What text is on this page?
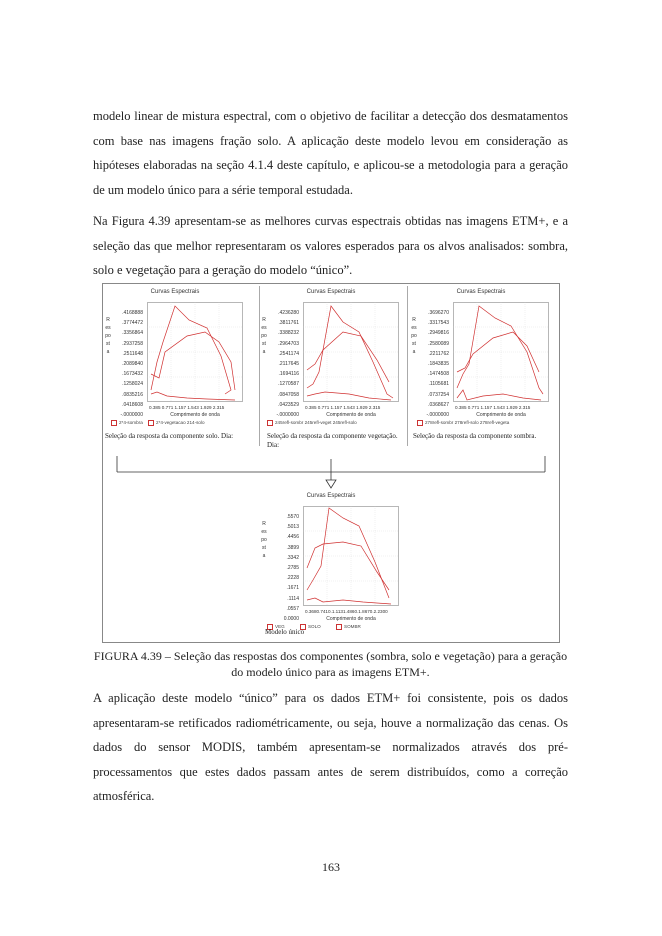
modelo linear de mistura espectral, com o objetivo de facilitar a detecção dos desmatamentos com base nas imagens fração solo. A aplicação deste modelo levou em consideração as hipóteses elaboradas na seção 4.1.4 deste capítulo, e aplicou-se a metodologia para a geração de um modelo único para a série temporal estudada.

Na Figura 4.39 apresentam-se as melhores curvas espectrais obtidas nas imagens ETM+, e a seleção das que melhor representaram os valores esperados para os alvos analisados: sombra, solo e vegetação para a geração do modelo “único”.

Curvas Espectrais
Resposta
.4168888
.3774472
.3356864
.2937258
.2511648
.2089840
.1673432
.1258024
.0835216
.0418608
-.0000000
0.385 0.771 1.157 1.543 1.929 2.315
Comprimento de onda
2*4-sombra	2*4-vegetacao 214-solo
Seleção da resposta da componente solo. Dia:
Curvas Espectrais
Resposta
.4236280
.3811761
.3388232
.2964703
.2541174
.2117645
.1694116
.1270587
.0847058
.0423529
-.0000000
0.385 0.771 1.157 1.543 1.929 2.315
Comprimento de onda
245refl-sombr 245refl-veget 245refl-solo
Seleção da resposta da componente vegetação. Dia:
Curvas Espectrais
Resposta
.3696270
.3317543
.2949816
.2580089
.2211762
.1843835
.1474508
.1105681
.0737254
.0368627
-.0000000
0.385 0.771 1.157 1.543 1.929 2.315
Comprimento de onda
278refl-sombr 278refl-solo 278refl-vegeta
Seleção da resposta da componente sombra.
Curvas Espectrais
Resposta
.5570
.5013
.4456
.3899
.3342
.2785
.2228
.1671
.1114
.0557
0.0000
0.3680.7410.1.1131.4860.1.8670.2.2300
Comprimento de onda
VEG	SOLO	SOMBR
Modelo único

FIGURA 4.39 – Seleção das respostas dos componentes (sombra, solo e vegetação) para a geração do modelo único para as imagens ETM+.

A aplicação deste modelo “único” para os dados ETM+ foi consistente, pois os dados apresentaram-se retificados radiométricamente, ou seja, houve a normalização das cenas. Os dados do sensor MODIS, também apresentam-se normalizados através dos pré-processamentos que estes dados passam antes de serem distribuídos, como a correção atmosférica.

163
